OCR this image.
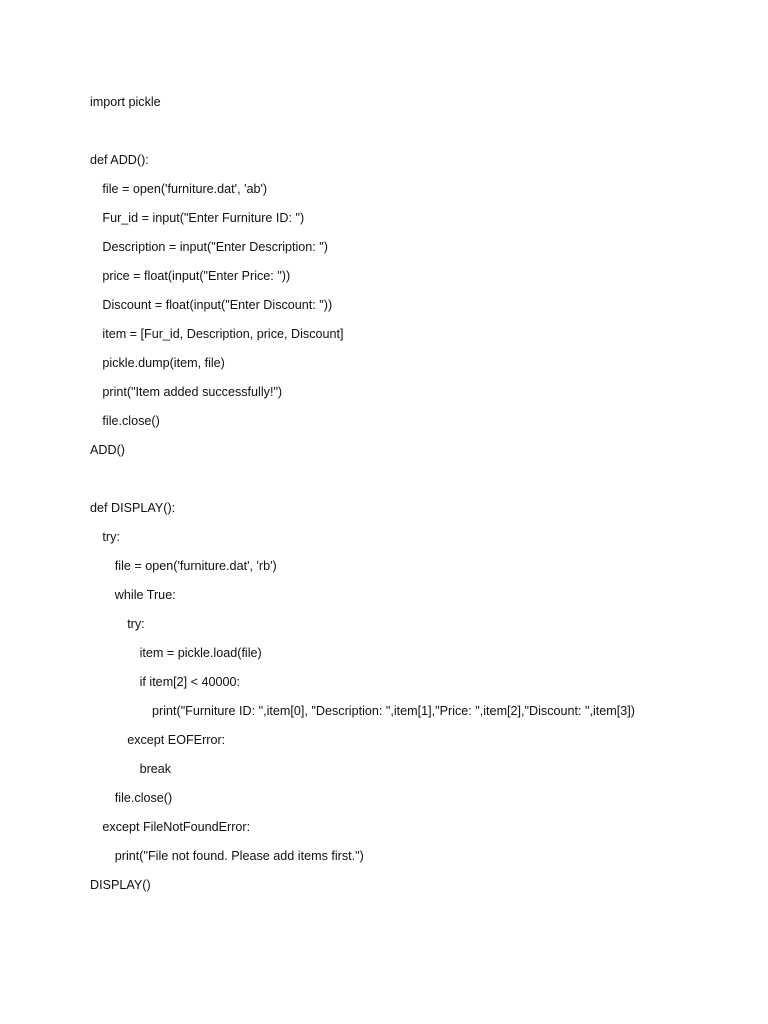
import pickle
def ADD():
file = open('furniture.dat', 'ab')
Fur_id = input("Enter Furniture ID: ")
Description = input("Enter Description: ")
price = float(input("Enter Price: "))
Discount = float(input("Enter Discount: "))
item = [Fur_id, Description, price, Discount]
pickle.dump(item, file)
print("Item added successfully!")
file.close()
ADD()
def DISPLAY():
try:
file = open('furniture.dat', 'rb')
while True:
try:
item = pickle.load(file)
if item[2] < 40000:
print("Furniture ID: ",item[0], "Description: ",item[1],"Price: ",item[2],"Discount: ",item[3])
except EOFError:
break
file.close()
except FileNotFoundError:
print("File not found. Please add items first.")
DISPLAY()
